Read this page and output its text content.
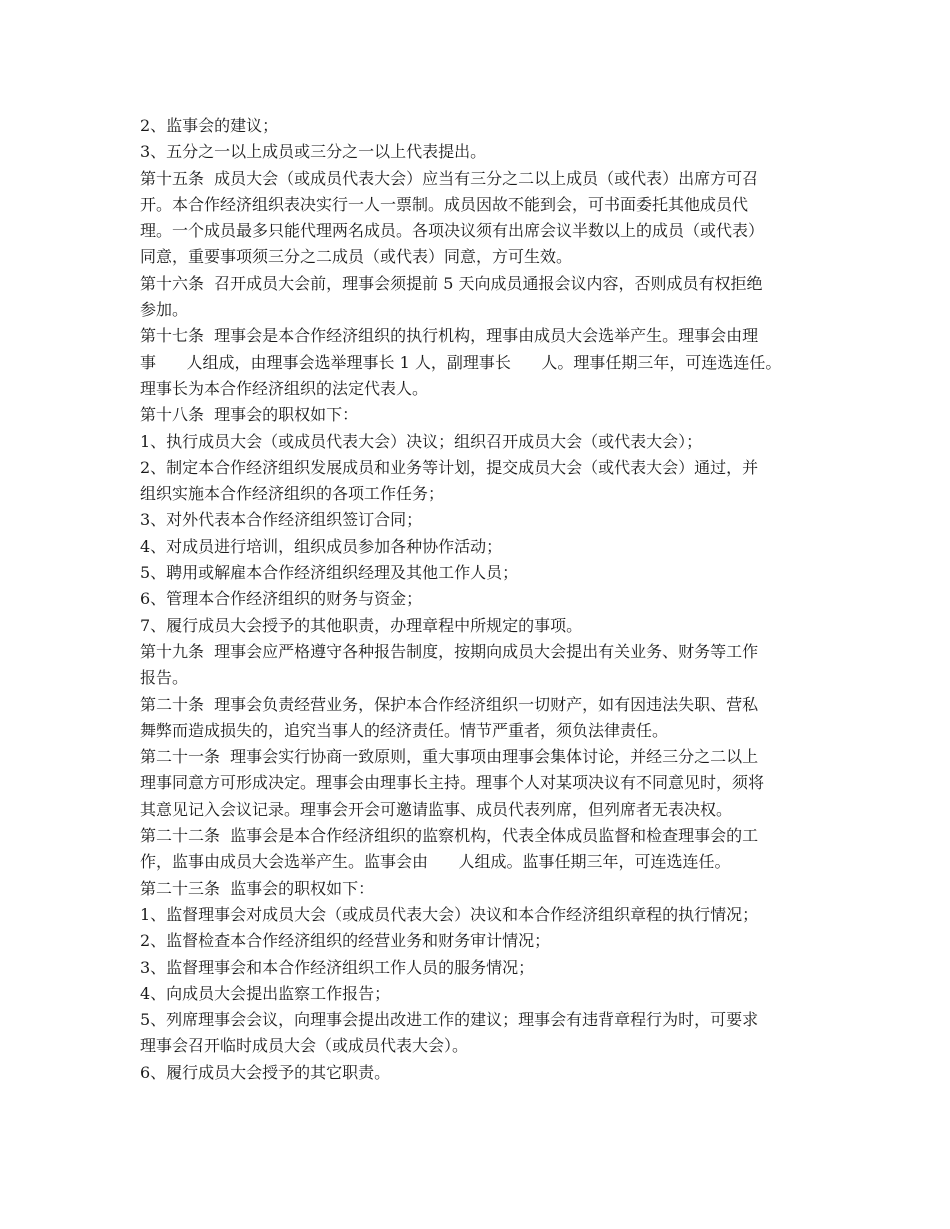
2、监事会的建议；
3、五分之一以上成员或三分之一以上代表提出。
第十五条  成员大会（或成员代表大会）应当有三分之二以上成员（或代表）出席方可召
开。本合作经济组织表决实行一人一票制。成员因故不能到会，可书面委托其他成员代
理。一个成员最多只能代理两名成员。各项决议须有出席会议半数以上的成员（或代表）
同意，重要事项须三分之二成员（或代表）同意，方可生效。
第十六条  召开成员大会前，理事会须提前 5 天向成员通报会议内容，否则成员有权拒绝
参加。
第十七条  理事会是本合作经济组织的执行机构，理事由成员大会选举产生。理事会由理
事      人组成，由理事会选举理事长 1 人，副理事长      人。理事任期三年，可连选连任。
理事长为本合作经济组织的法定代表人。
第十八条  理事会的职权如下：
1、执行成员大会（或成员代表大会）决议；组织召开成员大会（或代表大会）；
2、制定本合作经济组织发展成员和业务等计划，提交成员大会（或代表大会）通过，并
组织实施本合作经济组织的各项工作任务；
3、对外代表本合作经济组织签订合同；
4、对成员进行培训，组织成员参加各种协作活动；
5、聘用或解雇本合作经济组织经理及其他工作人员；
6、管理本合作经济组织的财务与资金；
7、履行成员大会授予的其他职责，办理章程中所规定的事项。
第十九条  理事会应严格遵守各种报告制度，按期向成员大会提出有关业务、财务等工作
报告。
第二十条  理事会负责经营业务，保护本合作经济组织一切财产，如有因违法失职、营私
舞弊而造成损失的，追究当事人的经济责任。情节严重者，须负法律责任。
第二十一条  理事会实行协商一致原则，重大事项由理事会集体讨论，并经三分之二以上
理事同意方可形成决定。理事会由理事长主持。理事个人对某项决议有不同意见时，须将
其意见记入会议记录。理事会开会可邀请监事、成员代表列席，但列席者无表决权。
第二十二条  监事会是本合作经济组织的监察机构，代表全体成员监督和检查理事会的工
作，监事由成员大会选举产生。监事会由      人组成。监事任期三年，可连选连任。
第二十三条  监事会的职权如下：
1、监督理事会对成员大会（或成员代表大会）决议和本合作经济组织章程的执行情况；
2、监督检查本合作经济组织的经营业务和财务审计情况；
3、监督理事会和本合作经济组织工作人员的服务情况；
4、向成员大会提出监察工作报告；
5、列席理事会会议，向理事会提出改进工作的建议；理事会有违背章程行为时，可要求
理事会召开临时成员大会（或成员代表大会）。
6、履行成员大会授予的其它职责。
